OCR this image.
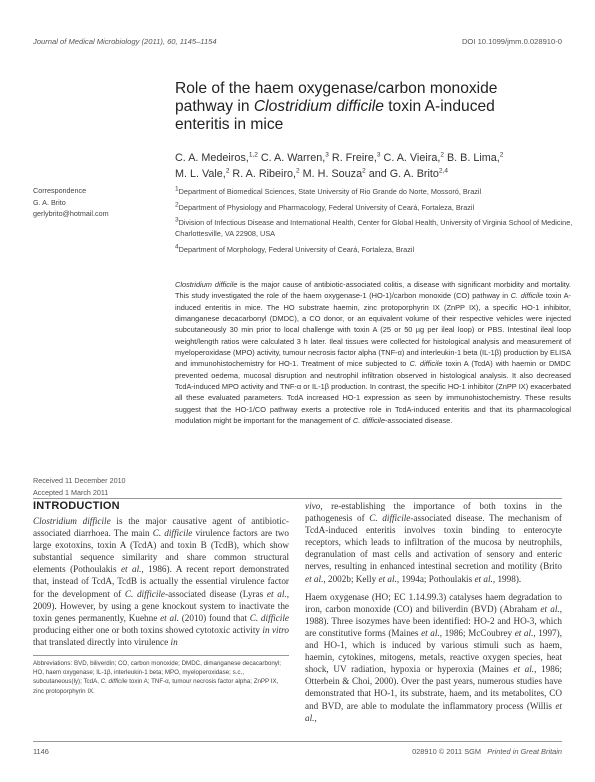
Journal of Medical Microbiology (2011), 60, 1145–1154	DOI 10.1099/jmm.0.028910-0
Role of the haem oxygenase/carbon monoxide
pathway in Clostridium difficile toxin A-induced
enteritis in mice
C. A. Medeiros,$^{1,2}$ C. A. Warren,$^3$ R. Freire,$^3$ C. A. Vieira,$^2$ B. B. Lima,$^2$
M. L. Vale,$^2$ R. A. Ribeiro,$^2$ M. H. Souza$^2$ and G. A. Brito$^{2,4}$
Correspondence
G. A. Brito
gerlybrito@hotmail.com
$^1$Department of Biomedical Sciences, State University of Rio Grande do Norte, Mossoró, Brazil
$^2$Department of Physiology and Pharmacology, Federal University of Ceará, Fortaleza, Brazil
$^3$Division of Infectious Disease and International Health, Center for Global Health, University of Virginia School of Medicine, Charlottesville, VA 22908, USA
$^4$Department of Morphology, Federal University of Ceará, Fortaleza, Brazil
Clostridium difficile is the major cause of antibiotic-associated colitis, a disease with significant morbidity and mortality. This study investigated the role of the haem oxygenase-1 (HO-1)/carbon monoxide (CO) pathway in C. difficile toxin A-induced enteritis in mice. The HO substrate haemin, zinc protoporphyrin IX (ZnPP IX), a specific HO-1 inhibitor, dimanganese decacarbonyl (DMDC), a CO donor, or an equivalent volume of their respective vehicles were injected subcutaneously 30 min prior to local challenge with toxin A (25 or 50 µg per ileal loop) or PBS. Intestinal ileal loop weight/length ratios were calculated 3 h later. Ileal tissues were collected for histological analysis and measurement of myeloperoxidase (MPO) activity, tumour necrosis factor alpha (TNF-α) and interleukin-1 beta (IL-1β) production by ELISA and immunohistochemistry for HO-1. Treatment of mice subjected to C. difficile toxin A (TcdA) with haemin or DMDC prevented oedema, mucosal disruption and neutrophil infiltration observed in histological analysis. It also decreased TcdA-induced MPO activity and TNF-α or IL-1β production. In contrast, the specific HO-1 inhibitor (ZnPP IX) exacerbated all these evaluated parameters. TcdA increased HO-1 expression as seen by immunohistochemistry. These results suggest that the HO-1/CO pathway exerts a protective role in TcdA-induced enteritis and that its pharmacological modulation might be important for the management of C. difficile-associated disease.
Received 11 December 2010
Accepted 1 March 2011
INTRODUCTION
Clostridium difficile is the major causative agent of antibiotic-associated diarrhoea. The main C. difficile virulence factors are two large exotoxins, toxin A (TcdA) and toxin B (TcdB), which show substantial sequence similarity and share common structural elements (Pothoulakis et al., 1986). A recent report demonstrated that, instead of TcdA, TcdB is actually the essential virulence factor for the development of C. difficile-associated disease (Lyras et al., 2009). However, by using a gene knockout system to inactivate the toxin genes permanently, Kuehne et al. (2010) found that C. difficile producing either one or both toxins showed cytotoxic activity in vitro that translated directly into virulence in

vivo, re-establishing the importance of both toxins in the pathogenesis of C. difficile-associated disease. The mechanism of TcdA-induced enteritis involves toxin binding to enterocyte receptors, which leads to infiltration of the mucosa by neutrophils, degranulation of mast cells and activation of sensory and enteric nerves, resulting in enhanced intestinal secretion and motility (Brito et al., 2002b; Kelly et al., 1994a; Pothoulakis et al., 1998).

Haem oxygenase (HO; EC 1.14.99.3) catalyses haem degradation to iron, carbon monoxide (CO) and biliverdin (BVD) (Abraham et al., 1988). Three isozymes have been identified: HO-2 and HO-3, which are constitutive forms (Maines et al., 1986; McCoubrey et al., 1997), and HO-1, which is induced by various stimuli such as haem, haemin, cytokines, mitogens, metals, reactive oxygen species, heat shock, UV radiation, hypoxia or hyperoxia (Maines et al., 1986; Otterbein & Choi, 2000). Over the past years, numerous studies have demonstrated that HO-1, its substrate, haem, and its metabolites, CO and BVD, are able to modulate the inflammatory process (Willis et al.,

Abbreviations: BVD, biliverdin; CO, carbon monoxide; DMDC, dimanganese decacarbonyl; HO, haem oxygenase; IL-1β, interleukin-1 beta; MPO, myeloperoxidase; s.c., subcutaneous(ly); TcdA, C. difficile toxin A; TNF-α, tumour necrosis factor alpha; ZnPP IX, zinc protoporphyrin IX.
1146	028910 © 2011 SGM Printed in Great Britain
